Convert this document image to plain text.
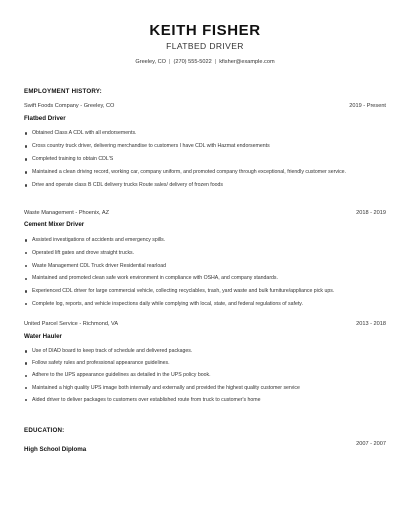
KEITH FISHER
FLATBED DRIVER
Greeley, CO | (270) 555-5022 | kfisher@example.com
EMPLOYMENT HISTORY:
Swift Foods Company - Greeley, CO	2019 - Present
Flatbed Driver
Obtained Class A CDL with all endorsements.
Cross country truck driver, delivering merchandise to customers I have CDL with Hazmat endorsements
Completed training to obtain CDL'S
Maintained a clean driving record, working car, company uniform, and promoted company through exceptional, friendly customer service.
Drive and operate class B CDL delivery trucks Route sales/ delivery of frozen foods
Waste Management - Phoenix, AZ	2018 - 2019
Cement Mixer Driver
Assisted investigations of accidents and emergency spills.
Operated lift gates and drove straight trucks.
Waste Management CDL Truck driver Residential rearload
Maintained and promoted clean safe work environment in compliance with OSHA, and company standards.
Experienced CDL driver for large commercial vehicle, collecting recyclables, trash, yard waste and bulk furniture/appliance pick ups.
Complete log, reports, and vehicle inspections daily while complying with local, state, and federal regulations of safety.
United Parcel Service - Richmond, VA	2013 - 2018
Water Hauler
Use of DIAD board to keep track of schedule and delivered packages.
Follow safety rules and professional appearance guidelines.
Adhere to the UPS appearance guidelines as detailed in the UPS policy book.
Maintained a high quality UPS image both internally and externally and provided the highest quality customer service
Aided driver to deliver packages to customers over established route from truck to customer's home
EDUCATION:
2007 - 2007
High School Diploma
